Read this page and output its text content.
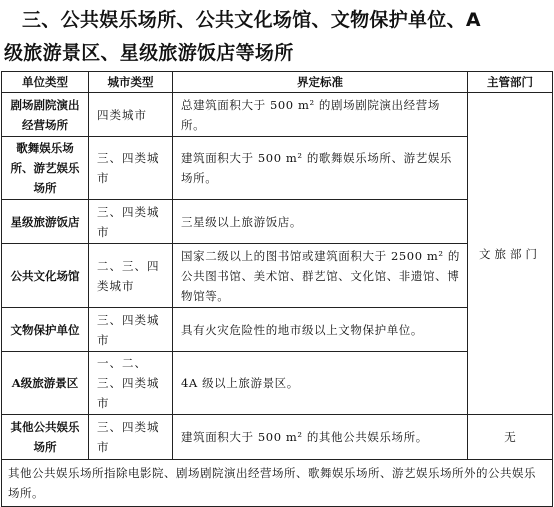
三、公共娱乐场所、公共文化场馆、文物保护单位、A
级旅游景区、星级旅游饭店等场所
单位类型	城市类型	界定标准	主管部门
剧场剧院演出经营场所	四类城市	总建筑面积大于 500 m² 的剧场剧院演出经营场所。	文旅部门
歌舞娱乐场所、游艺娱乐场所	三、四类城市	建筑面积大于 500 m² 的歌舞娱乐场所、游艺娱乐场所。	
星级旅游饭店	三、四类城市	三星级以上旅游饭店。	
公共文化场馆	二、三、四类城市	国家二级以上的图书馆或建筑面积大于 2500 m² 的公共图书馆、美术馆、群艺馆、文化馆、非遗馆、博物馆等。	
文物保护单位	三、四类城市	具有火灾危险性的地市级以上文物保护单位。	
A级旅游景区	一、二、三、四类城市	4A 级以上旅游景区。	
其他公共娱乐场所	三、四类城市	建筑面积大于 500 m² 的其他公共娱乐场所。	无
其他公共娱乐场所指除电影院、剧场剧院演出经营场所、歌舞娱乐场所、游艺娱乐场所外的公共娱乐场所。			
